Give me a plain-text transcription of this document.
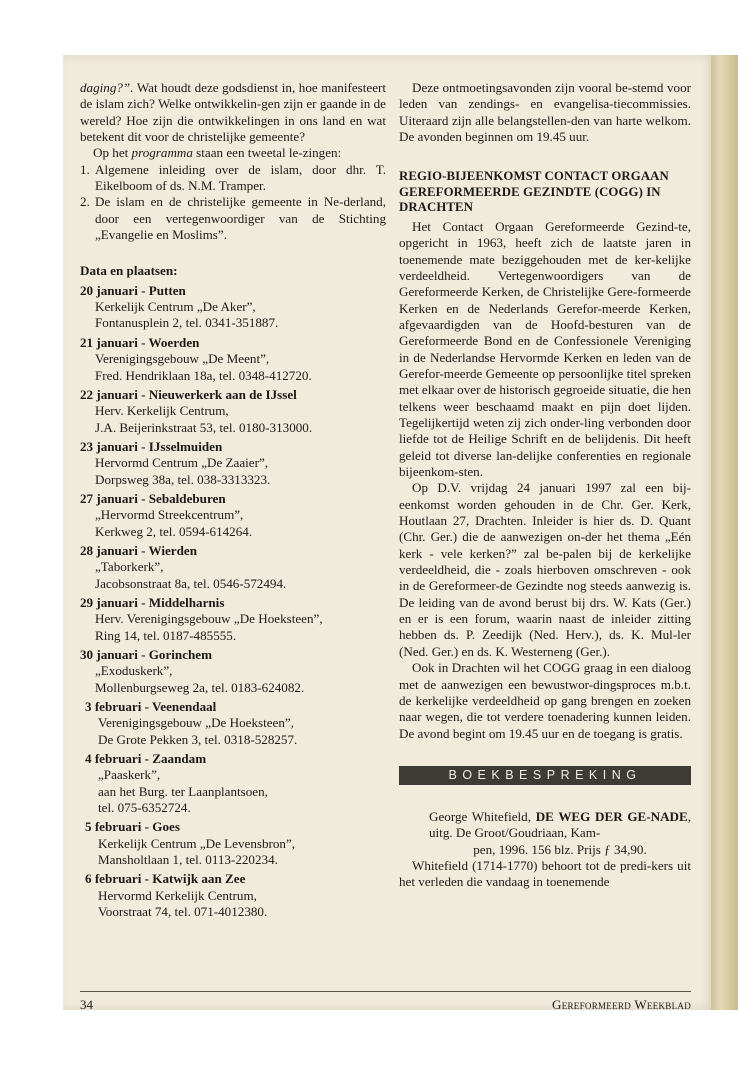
daging?”. Wat houdt deze godsdienst in, hoe manifesteert de islam zich? Welke ontwikkelin-gen zijn er gaande in de wereld? Hoe zijn die ontwikkelingen in ons land en wat betekent dit voor de christelijke gemeente?

Op het programma staan een tweetal le-zingen:

1. Algemene inleiding over de islam, door dhr. T. Eikelboom of ds. N.M. Tramper.
2. De islam en de christelijke gemeente in Ne-derland, door een vertegenwoordiger van de Stichting „Evangelie en Moslims”.
Data en plaatsen:
20 januari - Putten
Kerkelijk Centrum „De Aker”,
Fontanusplein 2, tel. 0341-351887.
21 januari - Woerden
Verenigingsgebouw „De Meent”,
Fred. Hendriklaan 18a, tel. 0348-412720.
22 januari - Nieuwerkerk aan de IJssel
Herv. Kerkelijk Centrum,
J.A. Beijerinkstraat 53, tel. 0180-313000.
23 januari - IJsselmuiden
Hervormd Centrum „De Zaaier”,
Dorpsweg 38a, tel. 038-3313323.
27 januari - Sebaldeburen
„Hervormd Streekcentrum”,
Kerkweg 2, tel. 0594-614264.
28 januari - Wierden
„Taborkerk”,
Jacobsonstraat 8a, tel. 0546-572494.
29 januari - Middelharnis
Herv. Verenigingsgebouw „De Hoeksteen”,
Ring 14, tel. 0187-485555.
30 januari - Gorinchem
„Exoduskerk”,
Mollenburgseweg 2a, tel. 0183-624082.
3 februari - Veenendaal
Verenigingsgebouw „De Hoeksteen”,
De Grote Pekken 3, tel. 0318-528257.
4 februari - Zaandam
„Paaskerk”,
aan het Burg. ter Laanplantsoen,
tel. 075-6352724.
5 februari - Goes
Kerkelijk Centrum „De Levensbron”,
Mansholtlaan 1, tel. 0113-220234.
6 februari - Katwijk aan Zee
Hervormd Kerkelijk Centrum,
Voorstraat 74, tel. 071-4012380.

Deze ontmoetingsavonden zijn vooral be-stemd voor leden van zendings- en evangelisa-tiecommissies. Uiteraard zijn alle belangstellen-den van harte welkom. De avonden beginnen om 19.45 uur.

REGIO-BIJEENKOMST CONTACT ORGAAN GEREFORMEERDE GEZINDTE (COGG) IN DRACHTEN

Het Contact Orgaan Gereformeerde Gezind-te, opgericht in 1963, heeft zich de laatste jaren in toenemende mate beziggehouden met de ker-kelijke verdeeldheid. Vertegenwoordigers van de Gereformeerde Kerken, de Christelijke Gere-formeerde Kerken en de Nederlands Gerefor-meerde Kerken, afgevaardigden van de Hoofd-besturen van de Gereformeerde Bond en de Confessionele Vereniging in de Nederlandse Hervormde Kerken en leden van de Gerefor-meerde Gemeente op persoonlijke titel spreken met elkaar over de historisch gegroeide situatie, die hen telkens weer beschaamd maakt en pijn doet lijden. Tegelijkertijd weten zij zich onder-ling verbonden door liefde tot de Heilige Schrift en de belijdenis. Dit heeft geleid tot diverse lan-delijke conferenties en regionale bijeenkom-sten.

Op D.V. vrijdag 24 januari 1997 zal een bij-eenkomst worden gehouden in de Chr. Ger. Kerk, Houtlaan 27, Drachten. Inleider is hier ds. D. Quant (Chr. Ger.) die de aanwezigen on-der het thema „Eén kerk - vele kerken?” zal be-palen bij de kerkelijke verdeeldheid, die - zoals hierboven omschreven - ook in de Gereformeer-de Gezindte nog steeds aanwezig is. De leiding van de avond berust bij drs. W. Kats (Ger.) en er is een forum, waarin naast de inleider zitting hebben ds. P. Zeedijk (Ned. Herv.), ds. K. Mul-ler (Ned. Ger.) en ds. K. Westerneng (Ger.).

Ook in Drachten wil het COGG graag in een dialoog met de aanwezigen een bewustwor-dingsproces m.b.t. de kerkelijke verdeeldheid op gang brengen en zoeken naar wegen, die tot verdere toenadering kunnen leiden. De avond begint om 19.45 uur en de toegang is gratis.

BOEKBESPREKING

George Whitefield, DE WEG DER GE-NADE, uitg. De Groot/Goudriaan, Kam-

pen, 1996. 156 blz. Prijs ƒ 34,90.

Whitefield (1714-1770) behoort tot de predi-kers uit het verleden die vandaag in toenemende

34	Gereformeerd Weekblad
